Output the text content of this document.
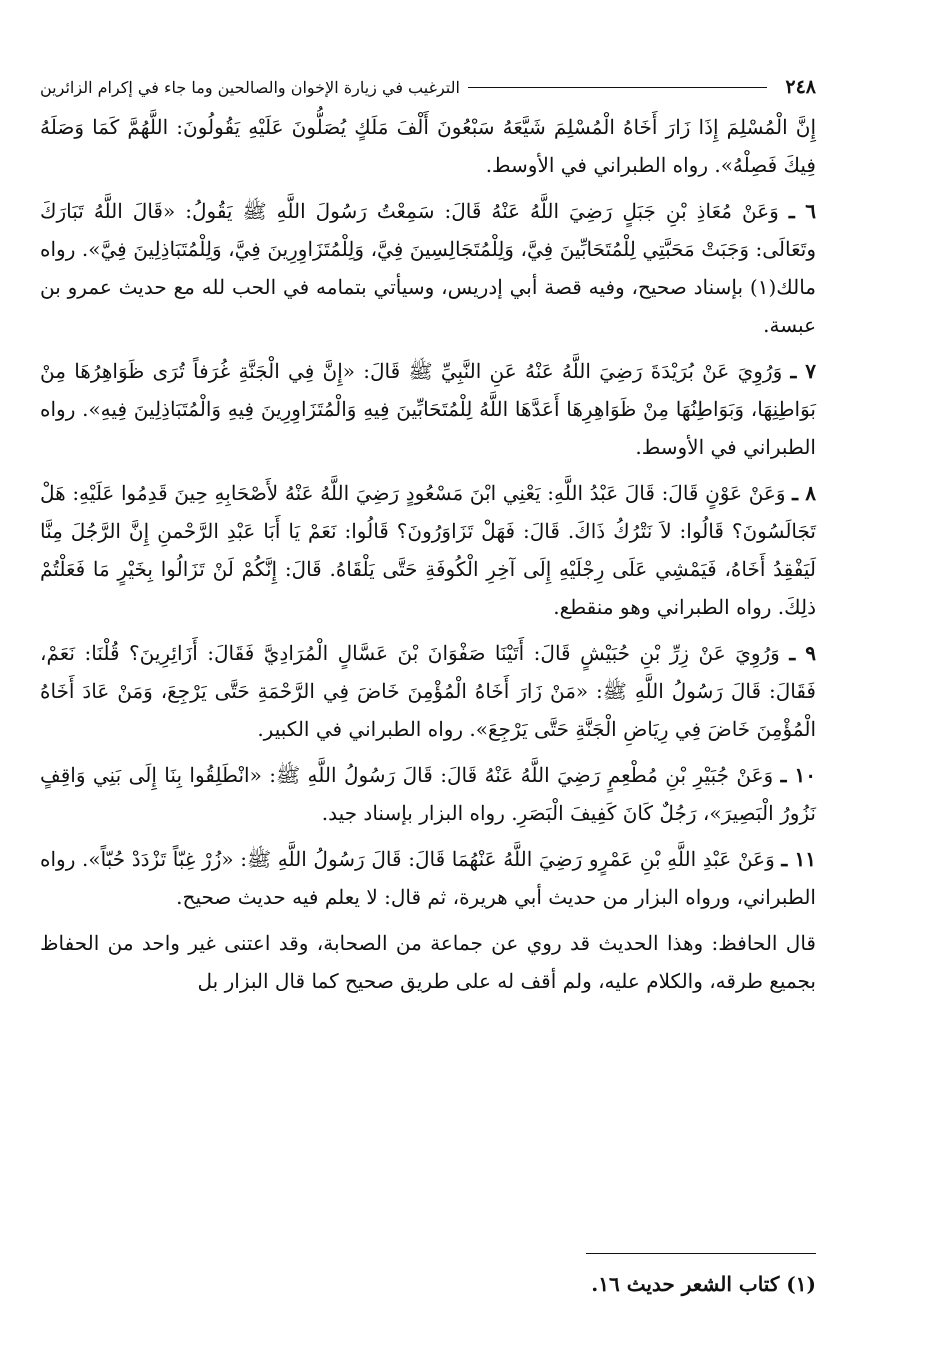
٢٤٨
الترغيب في زيارة الإخوان والصالحين وما جاء في إكرام الزائرين

إِنَّ الْمُسْلِمَ إِذَا زَارَ أَخَاهُ الْمُسْلِمَ شَيَّعَهُ سَبْعُونَ أَلْفَ مَلَكٍ يُصَلُّونَ عَلَيْهِ يَقُولُونَ: اللَّهُمَّ كَمَا وَصَلَهُ فِيكَ فَصِلْهُ». رواه الطبراني في الأوسط.

٦ ـ وَعَنْ مُعَاذِ بْنِ جَبَلٍ رَضِيَ اللَّهُ عَنْهُ قَالَ: سَمِعْتُ رَسُولَ اللَّهِ ﷺ يَقُولُ: «قَالَ اللَّهُ تَبَارَكَ وتَعَالَى: وَجَبَتْ مَحَبَّتِي لِلْمُتَحَابِّينَ فِيَّ، وَلِلْمُتَجَالِسِينَ فِيَّ، وَلِلْمُتَزَاوِرِينَ فِيَّ، وَلِلْمُتَبَاذِلِينَ فِيَّ». رواه مالك(١) بإسناد صحيح، وفيه قصة أبي إدريس، وسيأتي بتمامه في الحب لله مع حديث عمرو بن عبسة.

٧ ـ وَرُوِيَ عَنْ بُرَيْدَةَ رَضِيَ اللَّهُ عَنْهُ عَنِ النَّبِيِّ ﷺ قَالَ: «إِنَّ فِي الْجَنَّةِ غُرَفاً تُرَى ظَوَاهِرُهَا مِنْ بَوَاطِنِهَا، وَبَوَاطِنُهَا مِنْ ظَوَاهِرِهَا أَعَدَّهَا اللَّهُ لِلْمُتَحَابِّينَ فِيهِ وَالْمُتَزَاوِرِينَ فِيهِ وَالْمُتَبَاذِلِينَ فِيهِ». رواه الطبراني في الأوسط.

٨ ـ وَعَنْ عَوْنٍ قَالَ: قَالَ عَبْدُ اللَّهِ: يَعْنِي ابْنَ مَسْعُودٍ رَضِيَ اللَّهُ عَنْهُ لأَصْحَابِهِ حِينَ قَدِمُوا عَلَيْهِ: هَلْ تَجَالَسُونَ؟ قَالُوا: لاَ نَتْرُكُ ذَاكَ. قَالَ: فَهَلْ تَزَاوَرُونَ؟ قَالُوا: نَعَمْ يَا أَبَا عَبْدِ الرَّحْمنِ إِنَّ الرَّجُلَ مِنَّا لَيَفْقِدُ أَخَاهُ، فَيَمْشِي عَلَى رِجْلَيْهِ إِلَى آخِرِ الْكُوفَةِ حَتَّى يَلْقَاهُ. قَالَ: إِنَّكُمْ لَنْ تَزَالُوا بِخَيْرٍ مَا فَعَلْتُمْ ذلِكَ. رواه الطبراني وهو منقطع.

٩ ـ وَرُوِيَ عَنْ زِرِّ بْنِ حُبَيْشٍ قَالَ: أَتَيْنَا صَفْوَانَ بْنَ عَسَّالٍ الْمُرَادِيَّ فَقَالَ: أَزَائِرِينَ؟ قُلْنَا: نَعَمْ، فَقَالَ: قَالَ رَسُولُ اللَّهِ ﷺ: «مَنْ زَارَ أَخَاهُ الْمُؤْمِنَ خَاضَ فِي الرَّحْمَةِ حَتَّى يَرْجِعَ، وَمَنْ عَادَ أَخَاهُ الْمُؤْمِنَ خَاضَ فِي رِيَاضِ الْجَنَّةِ حَتَّى يَرْجِعَ». رواه الطبراني في الكبير.

١٠ ـ وَعَنْ جُبَيْرِ بْنِ مُطْعِمٍ رَضِيَ اللَّهُ عَنْهُ قَالَ: قَالَ رَسُولُ اللَّهِ ﷺ: «انْطَلِقُوا بِنَا إِلَى بَنِي وَاقِفٍ نَزُورُ الْبَصِيرَ»، رَجُلٌ كَانَ كَفِيفَ الْبَصَرِ. رواه البزار بإسناد جيد.

١١ ـ وَعَنْ عَبْدِ اللَّهِ بْنِ عَمْرٍو رَضِيَ اللَّهُ عَنْهُمَا قَالَ: قَالَ رَسُولُ اللَّهِ ﷺ: «زُرْ غِبّاً تَزْدَدْ حُبّاً». رواه الطبراني، ورواه البزار من حديث أبي هريرة، ثم قال: لا يعلم فيه حديث صحيح.

قال الحافظ: وهذا الحديث قد روي عن جماعة من الصحابة، وقد اعتنى غير واحد من الحفاظ بجميع طرقه، والكلام عليه، ولم أقف له على طريق صحيح كما قال البزار بل

(١) كتاب الشعر حديث ١٦.
